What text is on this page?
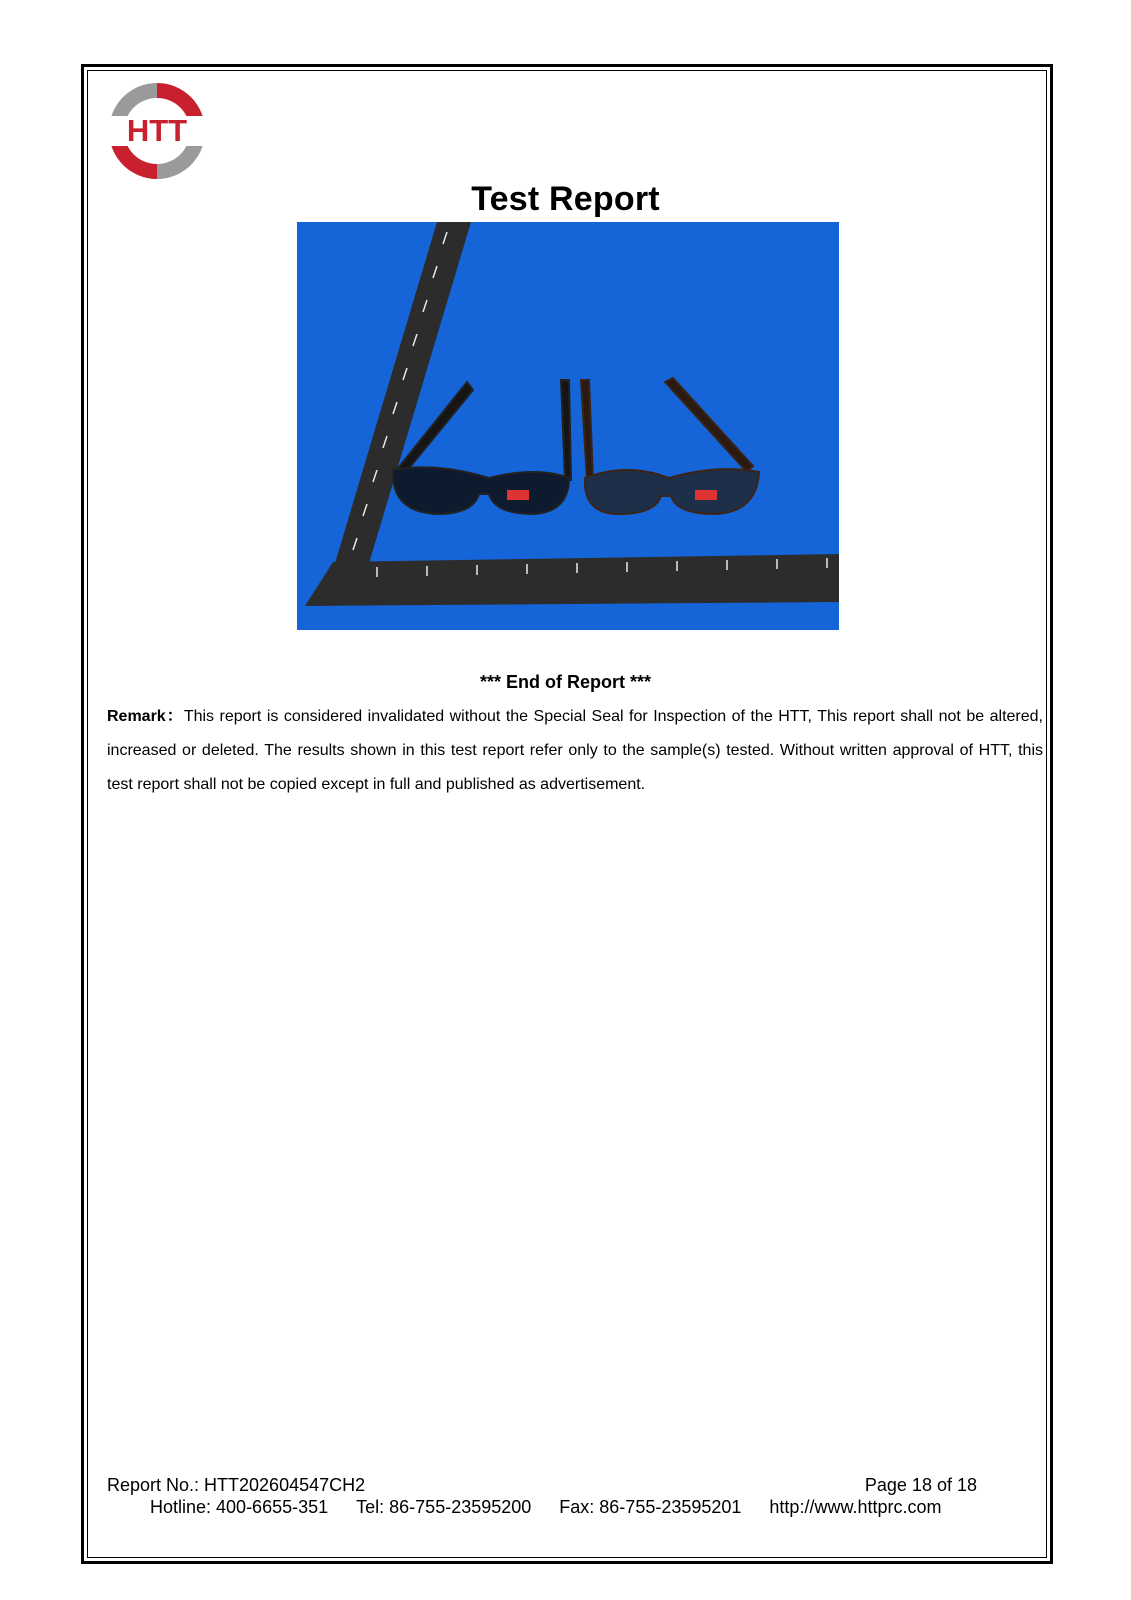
HTT
Test Report
*** End of Report ***
Remark：This report is considered invalidated without the Special Seal for Inspection of the HTT, This report shall not be altered, increased or deleted. The results shown in this test report refer only to the sample(s) tested. Without written approval of HTT, this test report shall not be copied except in full and published as advertisement.
Report No.: HTT202604547CH2	Page 18 of 18
Hotline: 400-6655-351 Tel: 86-755-23595200 Fax: 86-755-23595201 http://www.httprc.com
